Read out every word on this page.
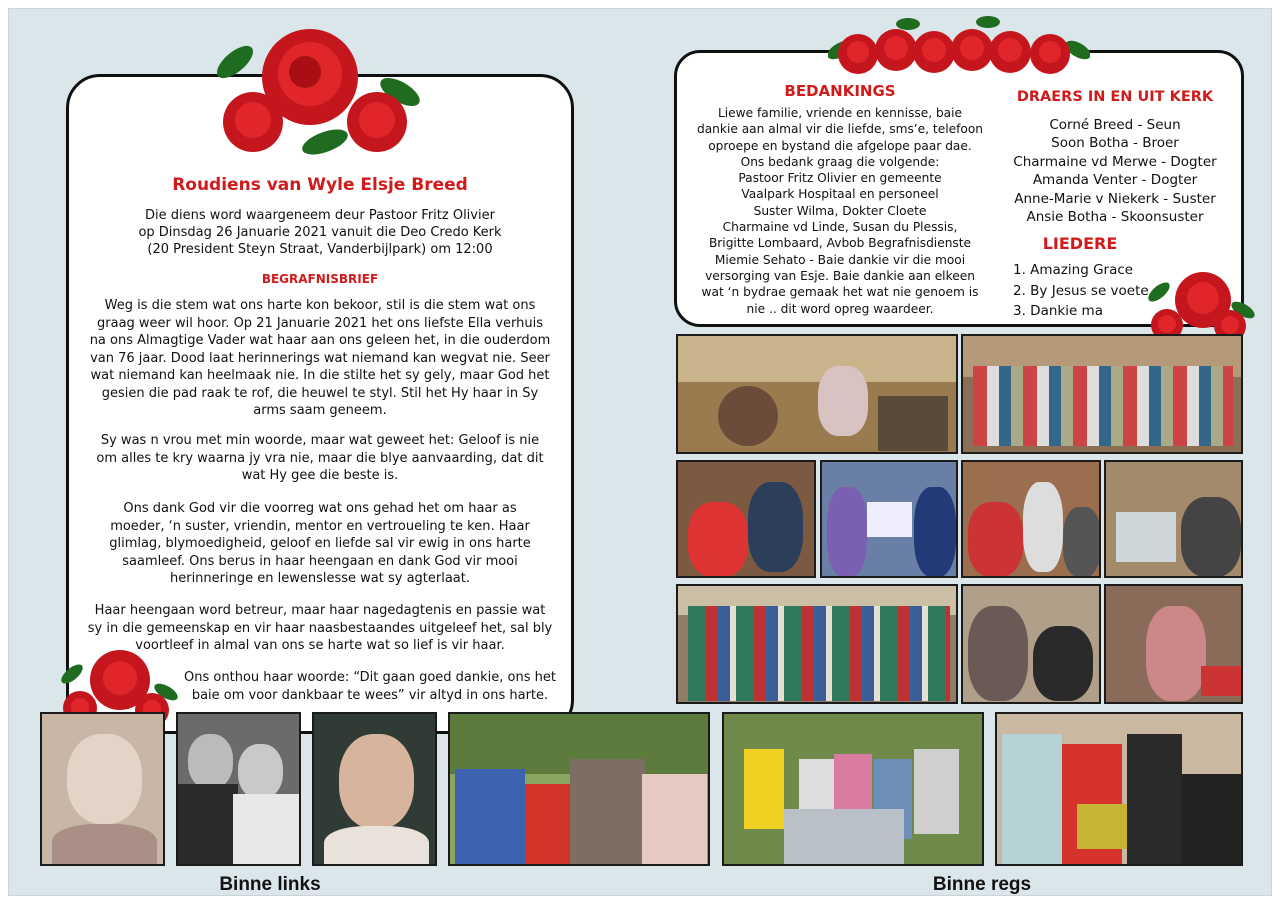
Roudiens van Wyle Elsje Breed
Die diens word waargeneem deur Pastoor Fritz Olivier
op Dinsdag 26 Januarie 2021 vanuit die Deo Credo Kerk
(20 President Steyn Straat, Vanderbijlpark) om 12:00
BEGRAFNISBRIEF
Weg is die stem wat ons harte kon bekoor, stil is die stem wat ons
graag weer wil hoor. Op 21 Januarie 2021 het ons liefste Ella verhuis
na ons Almagtige Vader wat haar aan ons geleen het, in die ouderdom
van 76 jaar. Dood laat herinnerings wat niemand kan wegvat nie. Seer
wat niemand kan heelmaak nie. In die stilte het sy gely, maar God het
gesien die pad raak te rof, die heuwel te styl. Stil het Hy haar in Sy
arms saam geneem.
Sy was n vrou met min woorde, maar wat geweet het: Geloof is nie
om alles te kry waarna jy vra nie, maar die blye aanvaarding, dat dit
wat Hy gee die beste is.
Ons dank God vir die voorreg wat ons gehad het om haar as
moeder, ‘n suster, vriendin, mentor en vertroueling te ken. Haar
glimlag, blymoedigheid, geloof en liefde sal vir ewig in ons harte
saamleef. Ons berus in haar heengaan en dank God vir mooi
herinneringe en lewenslesse wat sy agterlaat.
Haar heengaan word betreur, maar haar nagedagtenis en passie wat
sy in die gemeenskap en vir haar naasbestaandes uitgeleef het, sal bly
voortleef in almal van ons se harte wat so lief is vir haar.
Ons onthou haar woorde: “Dit gaan goed dankie, ons het
baie om voor dankbaar te wees” vir altyd in ons harte.
BEDANKINGS
Liewe familie, vriende en kennisse, baie
dankie aan almal vir die liefde, sms’e, telefoon
oproepe en bystand die afgelope paar dae.
Ons bedank graag die volgende:
Pastoor Fritz Olivier en gemeente
Vaalpark Hospitaal en personeel
Suster Wilma, Dokter Cloete
Charmaine vd Linde, Susan du Plessis,
Brigitte Lombaard, Avbob Begrafnisdienste
Miemie Sehato - Baie dankie vir die mooi
versorging van Esje. Baie dankie aan elkeen
wat ‘n bydrae gemaak het wat nie genoem is
nie .. dit word opreg waardeer.
DRAERS IN EN UIT KERK
Corné Breed - Seun
Soon Botha - Broer
Charmaine vd Merwe - Dogter
Amanda Venter - Dogter
Anne-Marie v Niekerk - Suster
Ansie Botha - Skoonsuster
LIEDERE
1. Amazing Grace
2. By Jesus se voete
3. Dankie ma
Binne links	Binne regs
